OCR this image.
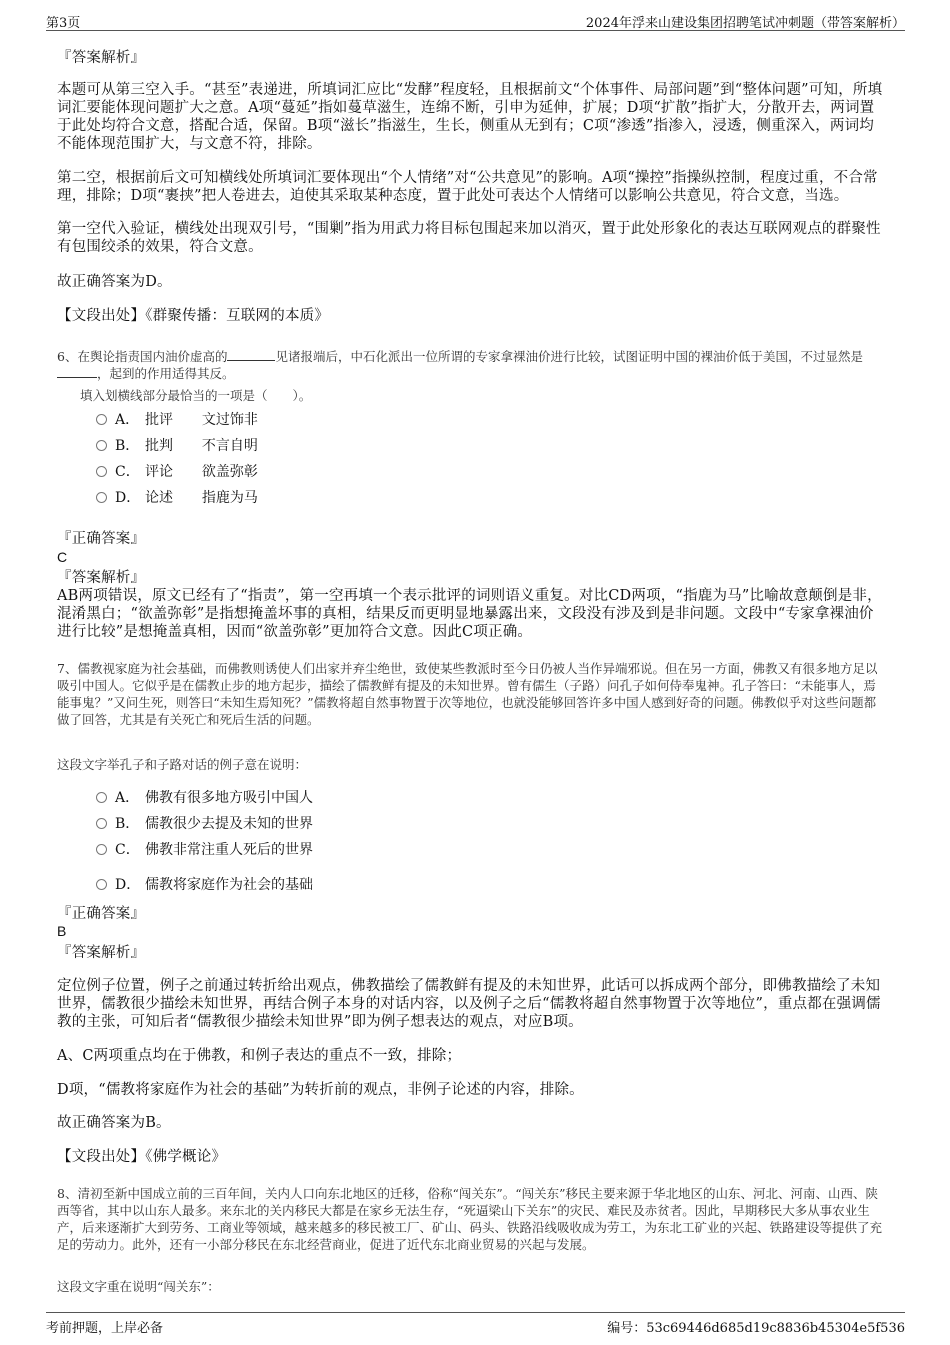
第3页	2024年浮来山建设集团招聘笔试冲刺题（带答案解析）

『答案解析』

本题可从第三空入手。“甚至”表递进，所填词汇应比“发酵”程度轻，且根据前文“个体事件、局部问题”到“整体问题”可知，所填词汇要能体现问题扩大之意。A项“蔓延”指如蔓草滋生，连绵不断，引申为延伸，扩展；D项“扩散”指扩大，分散开去，两词置于此处均符合文意，搭配合适，保留。B项“滋长”指滋生，生长，侧重从无到有；C项“渗透”指渗入，浸透，侧重深入，两词均不能体现范围扩大，与文意不符，排除。

第二空，根据前后文可知横线处所填词汇要体现出“个人情绪”对“公共意见”的影响。A项“操控”指操纵控制，程度过重，不合常理，排除；D项“裹挟”把人卷进去，迫使其采取某种态度，置于此处可表达个人情绪可以影响公共意见，符合文意，当选。

第一空代入验证，横线处出现双引号，“围剿”指为用武力将目标包围起来加以消灭，置于此处形象化的表达互联网观点的群聚性有包围绞杀的效果，符合文意。

故正确答案为D。

【文段出处】《群聚传播：互联网的本质》

6、在舆论指责国内油价虚高的	见诸报端后，中石化派出一位所谓的专家拿裸油价进行比较，试图证明中国的裸油价低于美国，不过显然是，起到的作用适得其反。

填入划横线部分最恰当的一项是（　　）。

A． 批评 文过饰非
B． 批判 不言自明
C． 评论 欲盖弥彰
D． 论述 指鹿为马

『正确答案』

C

『答案解析』

AB两项错误，原文已经有了“指责”，第一空再填一个表示批评的词则语义重复。对比CD两项，“指鹿为马”比喻故意颠倒是非，混淆黑白；“欲盖弥彰”是指想掩盖坏事的真相，结果反而更明显地暴露出来，文段没有涉及到是非问题。文段中“专家拿裸油价进行比较”是想掩盖真相，因而“欲盖弥彰”更加符合文意。因此C项正确。

7、儒教视家庭为社会基础，而佛教则诱使人们出家并弃尘绝世，致使某些教派时至今日仍被人当作异端邪说。但在另一方面，佛教又有很多地方足以吸引中国人。它似乎是在儒教止步的地方起步，描绘了儒教鲜有提及的未知世界。曾有儒生（子路）问孔子如何侍奉鬼神。孔子答曰：“未能事人，焉能事鬼？”又问生死，则答曰“未知生焉知死？”儒教将超自然事物置于次等地位，也就没能够回答许多中国人感到好奇的问题。佛教似乎对这些问题都做了回答，尤其是有关死亡和死后生活的问题。

这段文字举孔子和子路对话的例子意在说明：

A． 佛教有很多地方吸引中国人
B． 儒教很少去提及未知的世界
C． 佛教非常注重人死后的世界
D． 儒教将家庭作为社会的基础

『正确答案』

B

『答案解析』

定位例子位置，例子之前通过转折给出观点，佛教描绘了儒教鲜有提及的未知世界，此话可以拆成两个部分，即佛教描绘了未知世界，儒教很少描绘未知世界，再结合例子本身的对话内容，以及例子之后“儒教将超自然事物置于次等地位”，重点都在强调儒教的主张，可知后者“儒教很少描绘未知世界”即为例子想表达的观点，对应B项。

A、C两项重点均在于佛教，和例子表达的重点不一致，排除；

D项，“儒教将家庭作为社会的基础”为转折前的观点，非例子论述的内容，排除。

故正确答案为B。

【文段出处】《佛学概论》

8、清初至新中国成立前的三百年间，关内人口向东北地区的迁移，俗称“闯关东”。“闯关东”移民主要来源于华北地区的山东、河北、河南、山西、陕西等省，其中以山东人最多。来东北的关内移民大都是在家乡无法生存，“死逼梁山下关东”的灾民、难民及赤贫者。因此，早期移民大多从事农业生产，后来逐渐扩大到劳务、工商业等领域，越来越多的移民被工厂、矿山、码头、铁路沿线吸收成为劳工，为东北工矿业的兴起、铁路建设等提供了充足的劳动力。此外，还有一小部分移民在东北经营商业，促进了近代东北商业贸易的兴起与发展。

这段文字重在说明“闯关东”：

考前押题，上岸必备	编号：53c69446d685d19c8836b45304e5f536
